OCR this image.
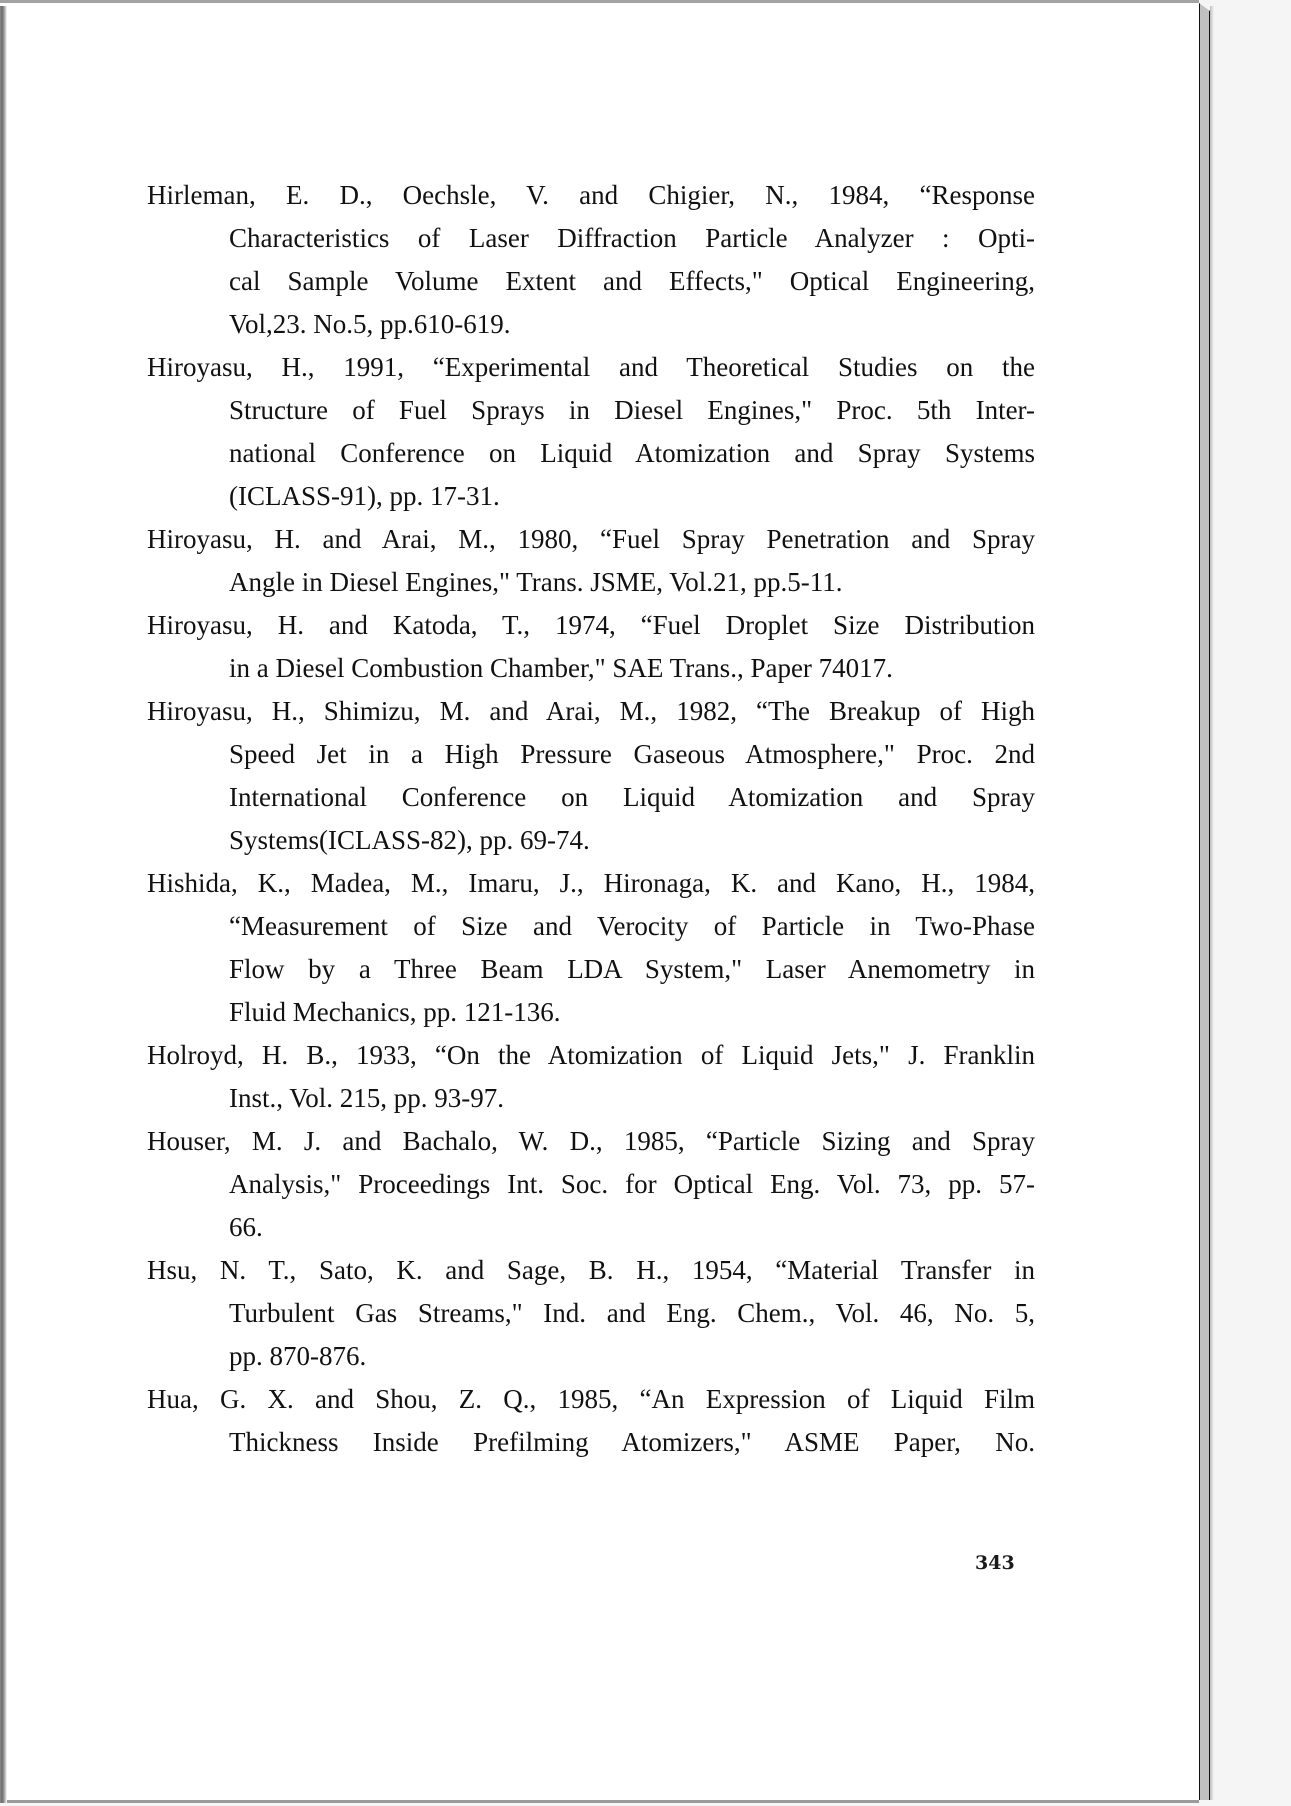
Hirleman, E. D., Oechsle, V. and Chigier, N., 1984, “Response
Characteristics of Laser Diffraction Particle Analyzer : Opti-
cal Sample Volume Extent and Effects," Optical Engineering,
Vol,23. No.5, pp.610-619.
Hiroyasu, H., 1991, “Experimental and Theoretical Studies on the
Structure of Fuel Sprays in Diesel Engines," Proc. 5th Inter-
national Conference on Liquid Atomization and Spray Systems
(ICLASS-91), pp. 17-31.
Hiroyasu, H. and Arai, M., 1980, “Fuel Spray Penetration and Spray
Angle in Diesel Engines," Trans. JSME, Vol.21, pp.5-11.
Hiroyasu, H. and Katoda, T., 1974, “Fuel Droplet Size Distribution
in a Diesel Combustion Chamber," SAE Trans., Paper 74017.
Hiroyasu, H., Shimizu, M. and Arai, M., 1982, “The Breakup of High
Speed Jet in a High Pressure Gaseous Atmosphere," Proc. 2nd
International Conference on Liquid Atomization and Spray
Systems(ICLASS-82), pp. 69-74.
Hishida, K., Madea, M., Imaru, J., Hironaga, K. and Kano, H., 1984,
“Measurement of Size and Verocity of Particle in Two-Phase
Flow by a Three Beam LDA System," Laser Anemometry in
Fluid Mechanics, pp. 121-136.
Holroyd, H. B., 1933, “On the Atomization of Liquid Jets," J. Franklin
Inst., Vol. 215, pp. 93-97.
Houser, M. J. and Bachalo, W. D., 1985, “Particle Sizing and Spray
Analysis," Proceedings Int. Soc. for Optical Eng. Vol. 73, pp. 57-
66.
Hsu, N. T., Sato, K. and Sage, B. H., 1954, “Material Transfer in
Turbulent Gas Streams," Ind. and Eng. Chem., Vol. 46, No. 5,
pp. 870-876.
Hua, G. X. and Shou, Z. Q., 1985, “An Expression of Liquid Film
Thickness Inside Prefilming Atomizers," ASME Paper, No.
343
